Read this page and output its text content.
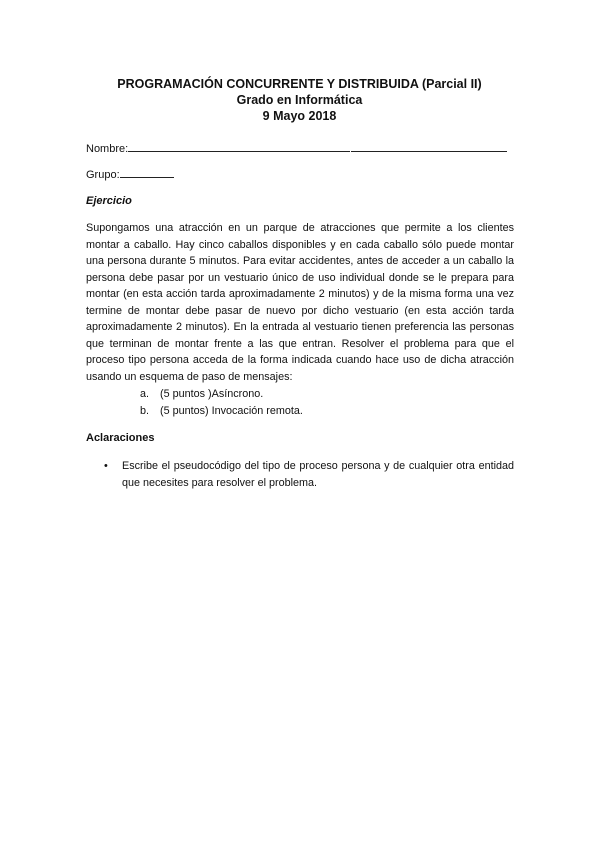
PROGRAMACIÓN CONCURRENTE Y DISTRIBUIDA (Parcial II)
Grado en Informática
9 Mayo 2018
Nombre:
Grupo:
Ejercicio

Supongamos una atracción en un parque de atracciones que permite a los clientes montar a caballo. Hay cinco caballos disponibles y en cada caballo sólo puede montar una persona durante 5 minutos. Para evitar accidentes, antes de acceder a un caballo la persona debe pasar por un vestuario único de uso individual donde se le prepara para montar (en esta acción tarda aproximadamente 2 minutos) y de la misma forma una vez termine de montar debe pasar de nuevo por dicho vestuario (en esta acción tarda aproximadamente 2 minutos). En la entrada al vestuario tienen preferencia las personas que terminan de montar frente a las que entran. Resolver el problema para que el proceso tipo persona acceda de la forma indicada cuando hace uso de dicha atracción usando un esquema de paso de mensajes:

a. (5 puntos )Asíncrono.
b. (5 puntos) Invocación remota.
Aclaraciones
• Escribe el pseudocódigo del tipo de proceso persona y de cualquier otra entidad que necesites para resolver el problema.
